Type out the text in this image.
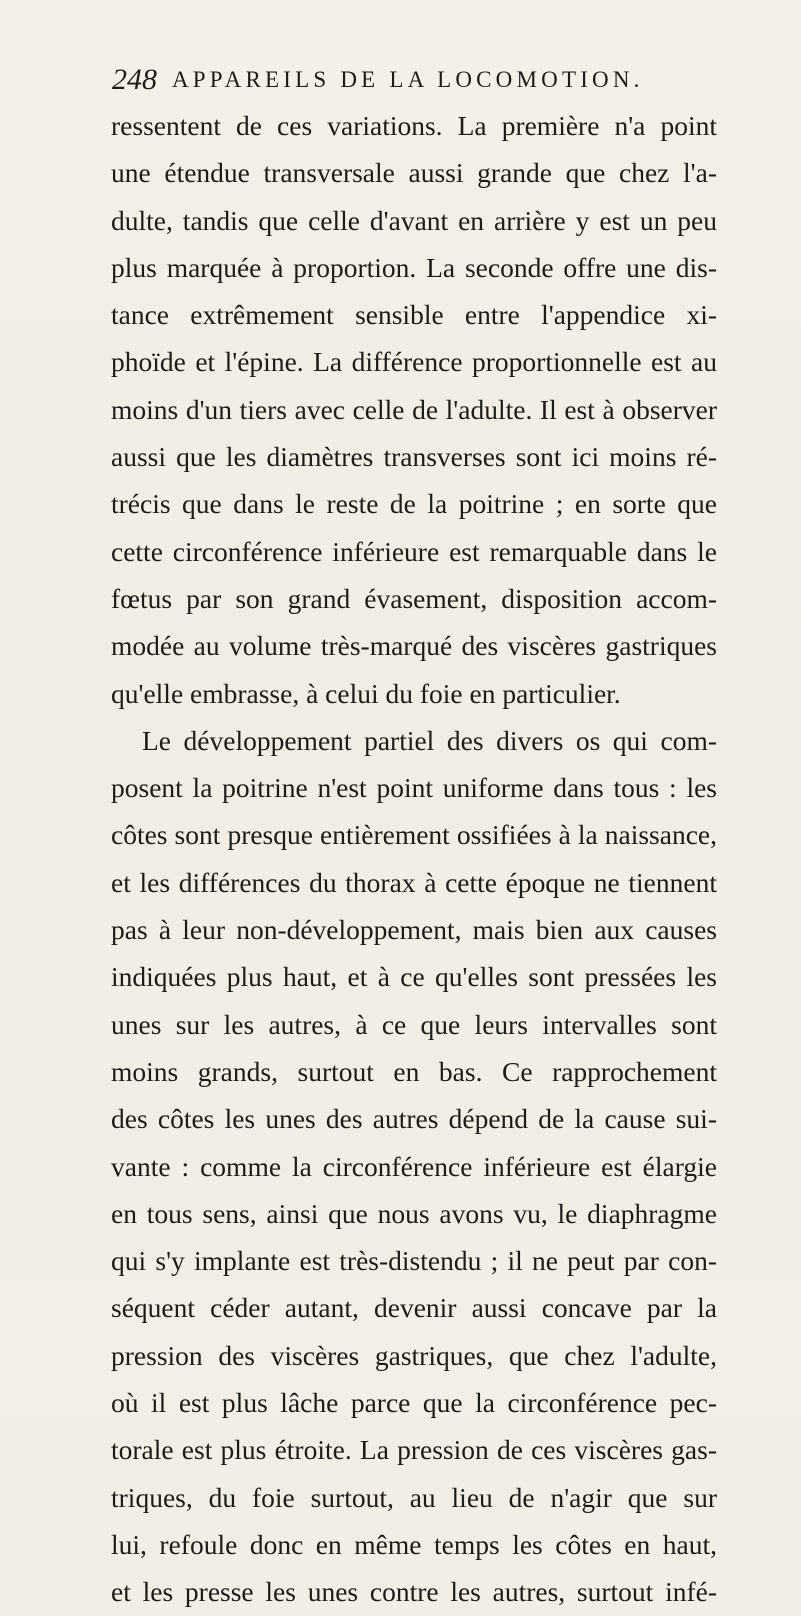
248 APPAREILS DE LA LOCOMOTION.
ressentent de ces variations. La première n'a point
une étendue transversale aussi grande que chez l'a-
dulte, tandis que celle d'avant en arrière y est un peu
plus marquée à proportion. La seconde offre une dis-
tance extrêmement sensible entre l'appendice xi-
phoïde et l'épine. La différence proportionnelle est au
moins d'un tiers avec celle de l'adulte. Il est à observer
aussi que les diamètres transverses sont ici moins ré-
trécis que dans le reste de la poitrine ; en sorte que
cette circonférence inférieure est remarquable dans le
fœtus par son grand évasement, disposition accom-
modée au volume très-marqué des viscères gastriques
qu'elle embrasse, à celui du foie en particulier.
Le développement partiel des divers os qui com-
posent la poitrine n'est point uniforme dans tous : les
côtes sont presque entièrement ossifiées à la naissance,
et les différences du thorax à cette époque ne tiennent
pas à leur non-développement, mais bien aux causes
indiquées plus haut, et à ce qu'elles sont pressées les
unes sur les autres, à ce que leurs intervalles sont
moins grands, surtout en bas. Ce rapprochement
des côtes les unes des autres dépend de la cause sui-
vante : comme la circonférence inférieure est élargie
en tous sens, ainsi que nous avons vu, le diaphragme
qui s'y implante est très-distendu ; il ne peut par con-
séquent céder autant, devenir aussi concave par la
pression des viscères gastriques, que chez l'adulte,
où il est plus lâche parce que la circonférence pec-
torale est plus étroite. La pression de ces viscères gas-
triques, du foie surtout, au lieu de n'agir que sur
lui, refoule donc en même temps les côtes en haut,
et les presse les unes contre les autres, surtout infé-
